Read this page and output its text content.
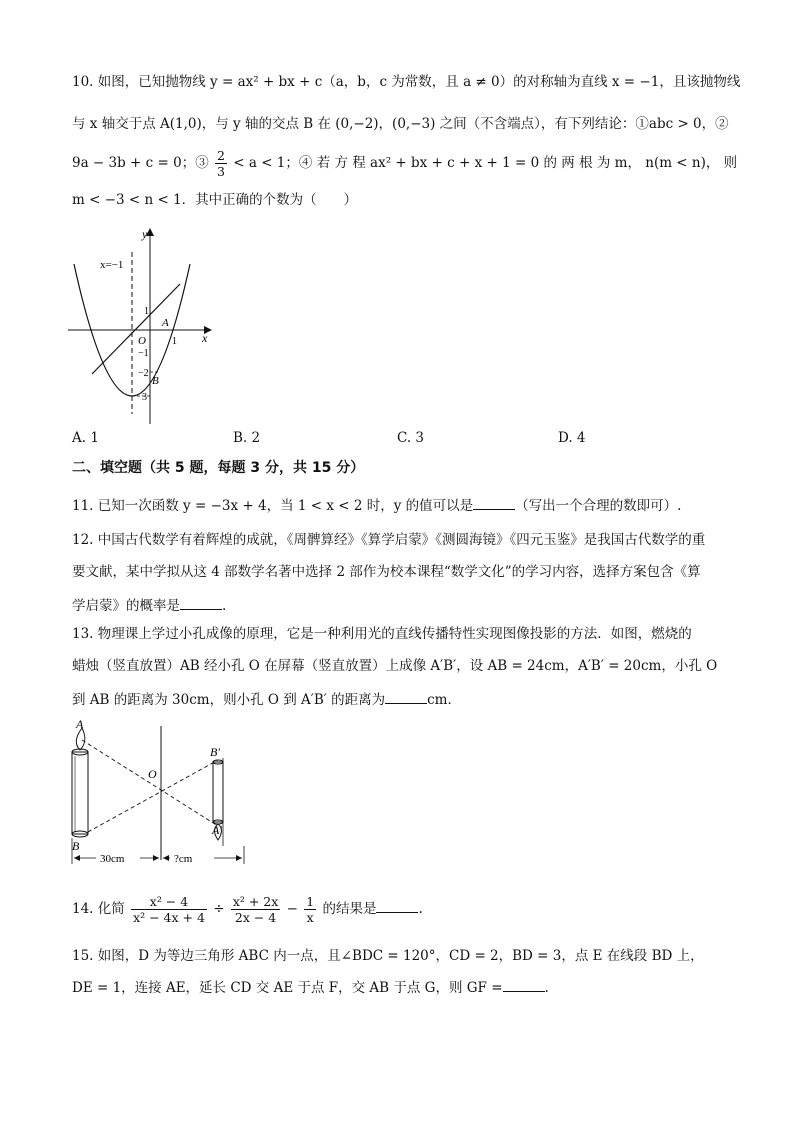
10. 如图，已知抛物线 y = ax² + bx + c（a，b，c 为常数，且 a ≠ 0）的对称轴为直线 x = −1，且该抛物线
与 x 轴交于点 A(1,0)，与 y 轴的交点 B 在 (0,−2)，(0,−3) 之间（不含端点），有下列结论：①abc > 0，②
9a − 3b + c = 0；③ $\frac{2}{3} < a < 1$；④ 若 方 程 ax² + bx + c + x + 1 = 0 的 两 根 为 m， n(m < n)， 则
m < −3 < n < 1．其中正确的个数为（　　）
y
x
x=−1
O
A
B
1
1
−1
−2
3
A. 1	B. 2	C. 3	D. 4
二、填空题（共 5 题，每题 3 分，共 15 分）
11. 已知一次函数 y = −3x + 4，当 1 < x < 2 时，y 的值可以是	（写出一个合理的数即可）.
12. 中国古代数学有着辉煌的成就，《周髀算经》《算学启蒙》《测圆海镜》《四元玉鉴》是我国古代数学的重
要文献，某中学拟从这 4 部数学名著中选择 2 部作为校本课程“数学文化”的学习内容，选择方案包含《算
学启蒙》的概率是	.
13. 物理课上学过小孔成像的原理，它是一种利用光的直线传播特性实现图像投影的方法．如图，燃烧的
蜡烛（竖直放置）AB 经小孔 O 在屏幕（竖直放置）上成像 A′B′，设 AB = 24cm，A′B′ = 20cm，小孔 O
到 AB 的距离为 30cm，则小孔 O 到 A′B′ 的距离为	cm．
A
B
O
B′
A′
30cm	?cm
14. 化简 $\frac{\text{x² − 4}}{\text{x² − 4x + 4}} \div \frac{\text{x² + 2x}}{2x - 4} - \frac{1}{x}$ 的结果是	.
15. 如图，D 为等边三角形 ABC 内一点，且∠BDC = 120°，CD = 2，BD = 3，点 E 在线段 BD 上，
DE = 1，连接 AE，延长 CD 交 AE 于点 F，交 AB 于点 G，则 GF =	.
